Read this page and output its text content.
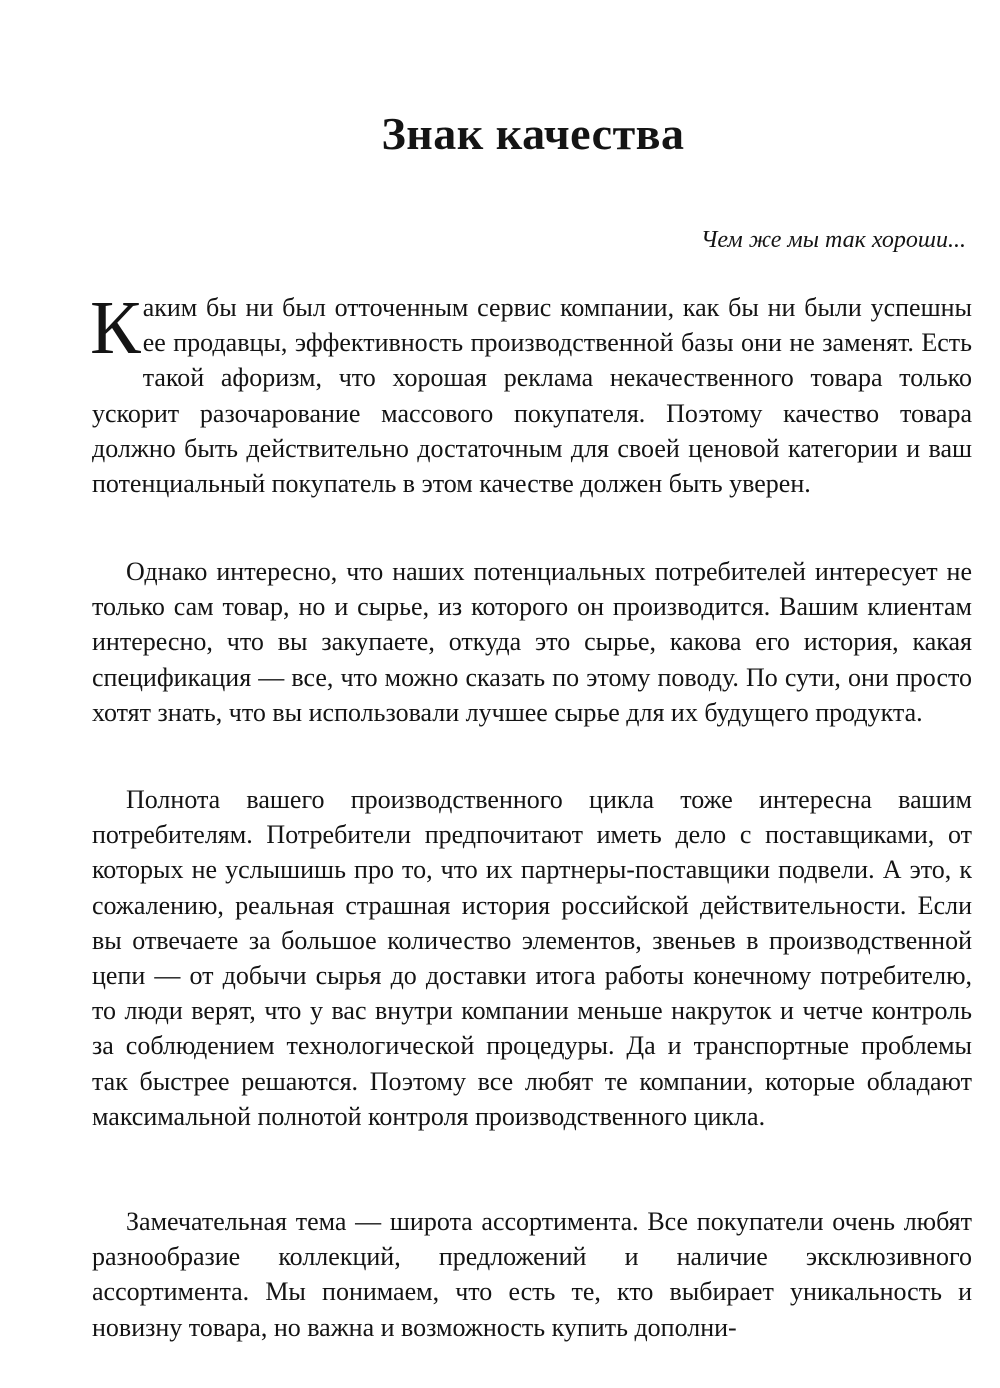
Знак качества

Чем же мы так хороши...

Каким бы ни был отточенным сервис компании, как бы ни были успешны ее продавцы, эффективность производственной базы они не заменят. Есть такой афоризм, что хорошая реклама некачественного товара только ускорит разочарование массового покупателя. Поэтому качество товара должно быть действительно достаточным для своей ценовой категории и ваш потенциальный покупатель в этом качестве должен быть уверен.

Однако интересно, что наших потенциальных потребителей интересует не только сам товар, но и сырье, из которого он производится. Вашим клиентам интересно, что вы закупаете, откуда это сырье, какова его история, какая спецификация — все, что можно сказать по этому поводу. По сути, они просто хотят знать, что вы использовали лучшее сырье для их будущего продукта.

Полнота вашего производственного цикла тоже интересна вашим потребителям. Потребители предпочитают иметь дело с поставщиками, от которых не услышишь про то, что их партнеры-поставщики подвели. А это, к сожалению, реальная страшная история российской действительности. Если вы отвечаете за большое количество элементов, звеньев в производственной цепи — от добычи сырья до доставки итога работы конечному потребителю, то люди верят, что у вас внутри компании меньше накруток и четче контроль за соблюдением технологической процедуры. Да и транспортные проблемы так быстрее решаются. Поэтому все любят те компании, которые обладают максимальной полнотой контроля производственного цикла.

Замечательная тема — широта ассортимента. Все покупатели очень любят разнообразие коллекций, предложений и наличие эксклюзивного ассортимента. Мы понимаем, что есть те, кто выбирает уникальность и новизну товара, но важна и возможность купить дополни-
